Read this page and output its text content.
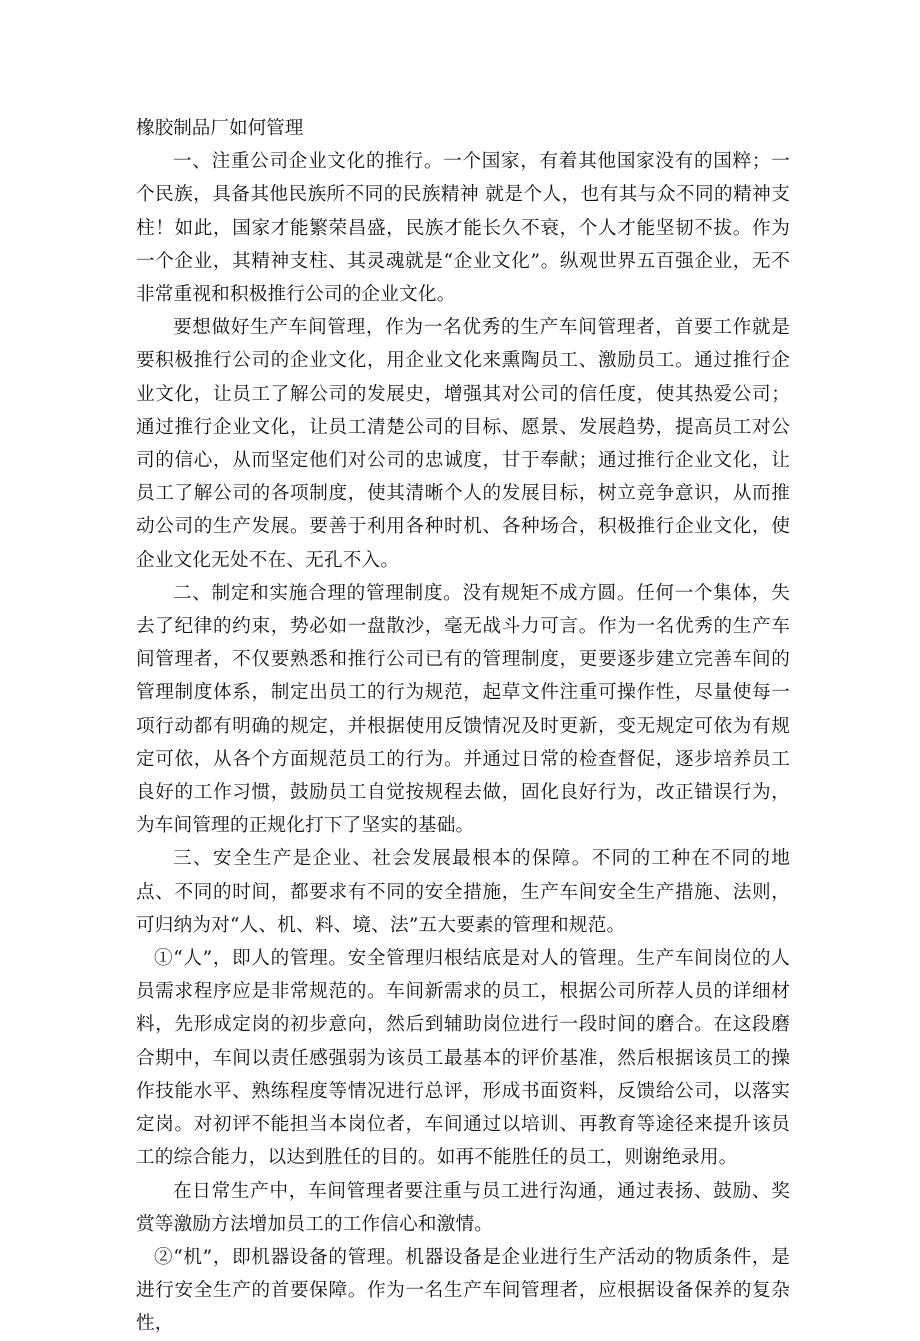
橡胶制品厂如何管理

一、注重公司企业文化的推行。一个国家，有着其他国家没有的国粹；一个民族，具备其他民族所不同的民族精神 就是个人，也有其与众不同的精神支柱！如此，国家才能繁荣昌盛，民族才能长久不衰，个人才能坚韧不拔。作为一个企业，其精神支柱、其灵魂就是“企业文化”。纵观世界五百强企业，无不非常重视和积极推行公司的企业文化。

要想做好生产车间管理，作为一名优秀的生产车间管理者，首要工作就是要积极推行公司的企业文化，用企业文化来熏陶员工、激励员工。通过推行企业文化，让员工了解公司的发展史，增强其对公司的信任度，使其热爱公司；通过推行企业文化，让员工清楚公司的目标、愿景、发展趋势，提高员工对公司的信心，从而坚定他们对公司的忠诚度，甘于奉献；通过推行企业文化，让员工了解公司的各项制度，使其清晰个人的发展目标，树立竞争意识，从而推动公司的生产发展。要善于利用各种时机、各种场合，积极推行企业文化，使企业文化无处不在、无孔不入。

二、制定和实施合理的管理制度。没有规矩不成方圆。任何一个集体，失去了纪律的约束，势必如一盘散沙，毫无战斗力可言。作为一名优秀的生产车间管理者，不仅要熟悉和推行公司已有的管理制度，更要逐步建立完善车间的管理制度体系，制定出员工的行为规范，起草文件注重可操作性，尽量使每一项行动都有明确的规定，并根据使用反馈情况及时更新，变无规定可依为有规定可依，从各个方面规范员工的行为。并通过日常的检查督促，逐步培养员工良好的工作习惯，鼓励员工自觉按规程去做，固化良好行为，改正错误行为，为车间管理的正规化打下了坚实的基础。

三、安全生产是企业、社会发展最根本的保障。不同的工种在不同的地点、不同的时间，都要求有不同的安全措施，生产车间安全生产措施、法则，可归纳为对“人、机、料、境、法”五大要素的管理和规范。

①“人”，即人的管理。安全管理归根结底是对人的管理。生产车间岗位的人员需求程序应是非常规范的。车间新需求的员工，根据公司所荐人员的详细材料，先形成定岗的初步意向，然后到辅助岗位进行一段时间的磨合。在这段磨合期中，车间以责任感强弱为该员工最基本的评价基准，然后根据该员工的操作技能水平、熟练程度等情况进行总评，形成书面资料，反馈给公司，以落实定岗。对初评不能担当本岗位者，车间通过以培训、再教育等途径来提升该员工的综合能力，以达到胜任的目的。如再不能胜任的员工，则谢绝录用。

在日常生产中，车间管理者要注重与员工进行沟通，通过表扬、鼓励、奖赏等激励方法增加员工的工作信心和激情。

②“机”，即机器设备的管理。机器设备是企业进行生产活动的物质条件，是进行安全生产的首要保障。作为一名生产车间管理者，应根据设备保养的复杂性，
